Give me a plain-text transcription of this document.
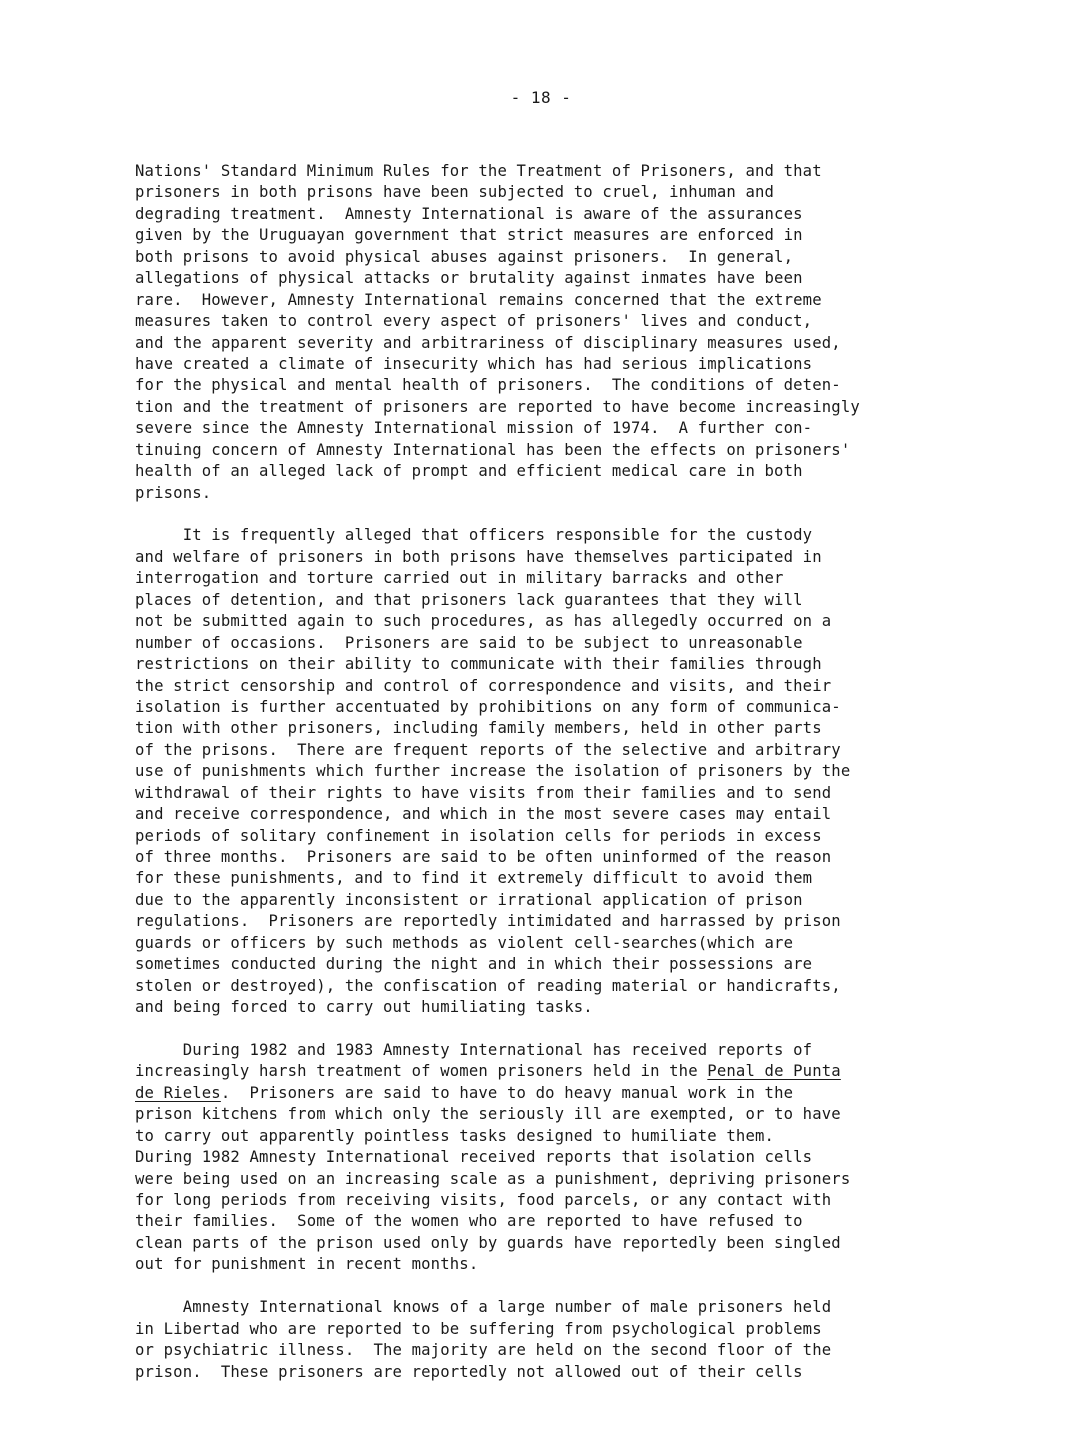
- 18 -
Nations' Standard Minimum Rules for the Treatment of Prisoners, and that
prisoners in both prisons have been subjected to cruel, inhuman and
degrading treatment.  Amnesty International is aware of the assurances
given by the Uruguayan government that strict measures are enforced in
both prisons to avoid physical abuses against prisoners.  In general,
allegations of physical attacks or brutality against inmates have been
rare.  However, Amnesty International remains concerned that the extreme
measures taken to control every aspect of prisoners' lives and conduct,
and the apparent severity and arbitrariness of disciplinary measures used,
have created a climate of insecurity which has had serious implications
for the physical and mental health of prisoners.  The conditions of deten-
tion and the treatment of prisoners are reported to have become increasingly
severe since the Amnesty International mission of 1974.  A further con-
tinuing concern of Amnesty International has been the effects on prisoners'
health of an alleged lack of prompt and efficient medical care in both
prisons.
It is frequently alleged that officers responsible for the custody
and welfare of prisoners in both prisons have themselves participated in
interrogation and torture carried out in military barracks and other
places of detention, and that prisoners lack guarantees that they will
not be submitted again to such procedures, as has allegedly occurred on a
number of occasions.  Prisoners are said to be subject to unreasonable
restrictions on their ability to communicate with their families through
the strict censorship and control of correspondence and visits, and their
isolation is further accentuated by prohibitions on any form of communica-
tion with other prisoners, including family members, held in other parts
of the prisons.  There are frequent reports of the selective and arbitrary
use of punishments which further increase the isolation of prisoners by the
withdrawal of their rights to have visits from their families and to send
and receive correspondence, and which in the most severe cases may entail
periods of solitary confinement in isolation cells for periods in excess
of three months.  Prisoners are said to be often uninformed of the reason
for these punishments, and to find it extremely difficult to avoid them
due to the apparently inconsistent or irrational application of prison
regulations.  Prisoners are reportedly intimidated and harrassed by prison
guards or officers by such methods as violent cell-searches(which are
sometimes conducted during the night and in which their possessions are
stolen or destroyed), the confiscation of reading material or handicrafts,
and being forced to carry out humiliating tasks.
During 1982 and 1983 Amnesty International has received reports of
increasingly harsh treatment of women prisoners held in the Penal de Punta
de Rieles.  Prisoners are said to have to do heavy manual work in the
prison kitchens from which only the seriously ill are exempted, or to have
to carry out apparently pointless tasks designed to humiliate them.
During 1982 Amnesty International received reports that isolation cells
were being used on an increasing scale as a punishment, depriving prisoners
for long periods from receiving visits, food parcels, or any contact with
their families.  Some of the women who are reported to have refused to
clean parts of the prison used only by guards have reportedly been singled
out for punishment in recent months.
Amnesty International knows of a large number of male prisoners held
in Libertad who are reported to be suffering from psychological problems
or psychiatric illness.  The majority are held on the second floor of the
prison.  These prisoners are reportedly not allowed out of their cells
